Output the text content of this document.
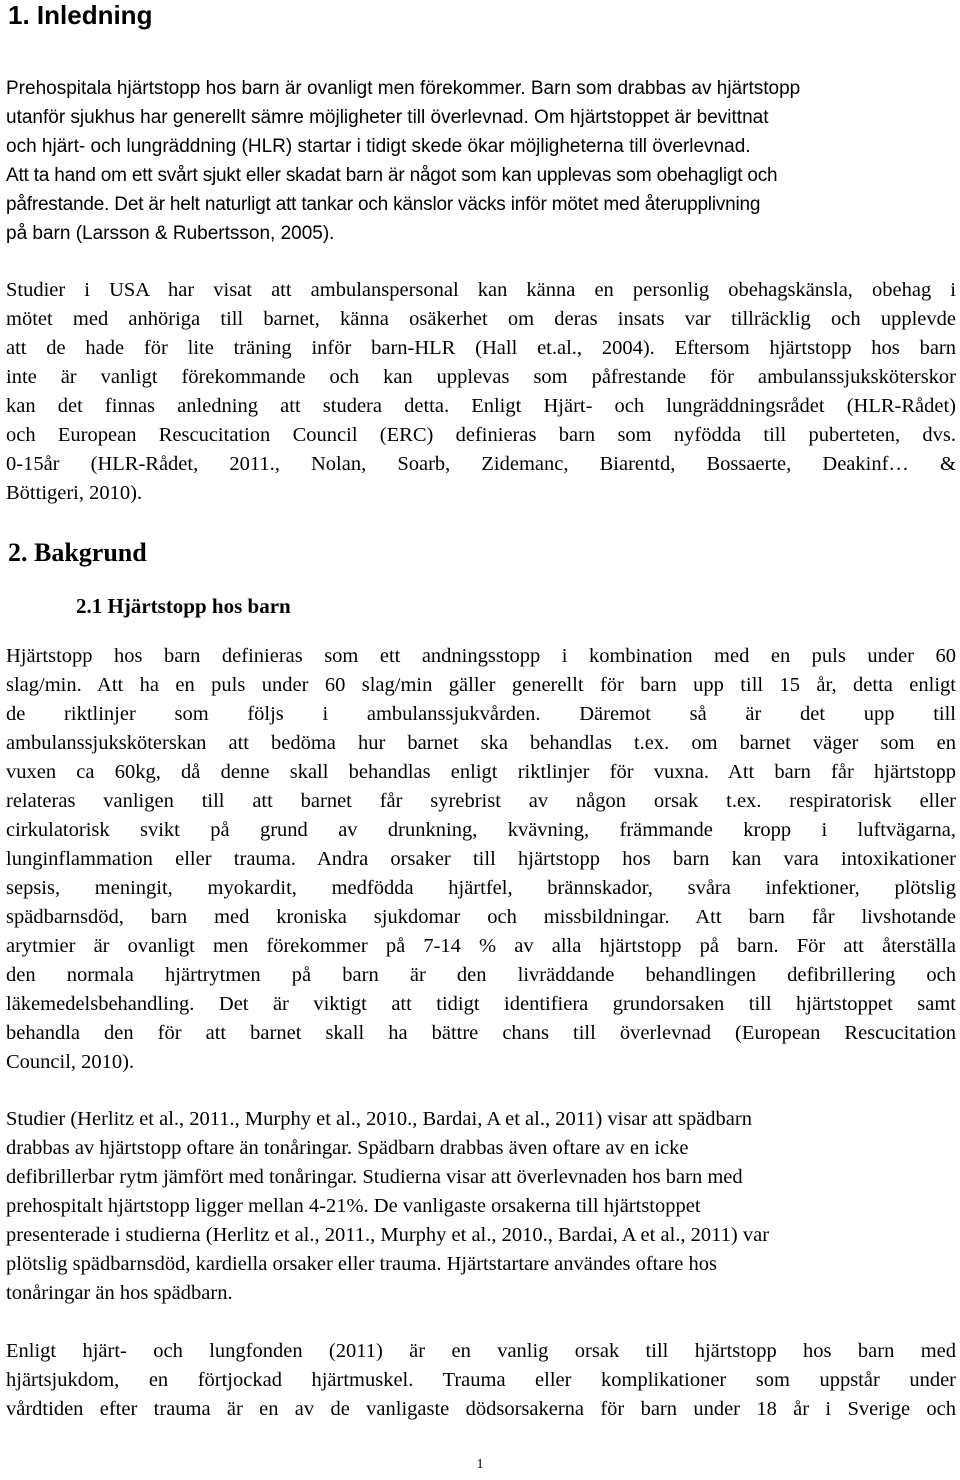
1. Inledning
Prehospitala hjärtstopp hos barn är ovanligt men förekommer. Barn som drabbas av hjärtstopp
utanför sjukhus har generellt sämre möjligheter till överlevnad. Om hjärtstoppet är bevittnat
och hjärt- och lungräddning (HLR) startar i tidigt skede ökar möjligheterna till överlevnad.
Att ta hand om ett svårt sjukt eller skadat barn är något som kan upplevas som obehagligt och
påfrestande. Det är helt naturligt att tankar och känslor väcks inför mötet med återupplivning
på barn (Larsson & Rubertsson, 2005).
Studier i USA har visat att ambulanspersonal kan känna en personlig obehagskänsla, obehag i
mötet med anhöriga till barnet, känna osäkerhet om deras insats var tillräcklig och upplevde
att de hade för lite träning inför barn-HLR (Hall et.al., 2004). Eftersom hjärtstopp hos barn
inte är vanligt förekommande och kan upplevas som påfrestande för ambulanssjuksköterskor
kan det finnas anledning att studera detta. Enligt Hjärt- och lungräddningsrådet (HLR-Rådet)
och European Rescucitation Council (ERC) definieras barn som nyfödda till puberteten, dvs.
0-15år (HLR-Rådet, 2011., Nolan, Soarb, Zidemanc, Biarentd, Bossaerte, Deakinf… &
Böttigeri, 2010).
2. Bakgrund
2.1 Hjärtstopp hos barn
Hjärtstopp hos barn definieras som ett andningsstopp i kombination med en puls under 60
slag/min. Att ha en puls under 60 slag/min gäller generellt för barn upp till 15 år, detta enligt
de riktlinjer som följs i ambulanssjukvården. Däremot så är det upp till
ambulanssjuksköterskan att bedöma hur barnet ska behandlas t.ex. om barnet väger som en
vuxen ca 60kg, då denne skall behandlas enligt riktlinjer för vuxna. Att barn får hjärtstopp
relateras vanligen till att barnet får syrebrist av någon orsak t.ex. respiratorisk eller
cirkulatorisk svikt på grund av drunkning, kvävning, främmande kropp i luftvägarna,
lunginflammation eller trauma. Andra orsaker till hjärtstopp hos barn kan vara intoxikationer
sepsis, meningit, myokardit, medfödda hjärtfel, brännskador, svåra infektioner, plötslig
spädbarnsdöd, barn med kroniska sjukdomar och missbildningar. Att barn får livshotande
arytmier är ovanligt men förekommer på 7-14 % av alla hjärtstopp på barn. För att återställa
den normala hjärtrytmen på barn är den livräddande behandlingen defibrillering och
läkemedelsbehandling. Det är viktigt att tidigt identifiera grundorsaken till hjärtstoppet samt
behandla den för att barnet skall ha bättre chans till överlevnad (European Rescucitation
Council, 2010).
Studier (Herlitz et al., 2011., Murphy et al., 2010., Bardai, A et al., 2011) visar att spädbarn
drabbas av hjärtstopp oftare än tonåringar. Spädbarn drabbas även oftare av en icke
defibrillerbar rytm jämfört med tonåringar. Studierna visar att överlevnaden hos barn med
prehospitalt hjärtstopp ligger mellan 4-21%. De vanligaste orsakerna till hjärtstoppet
presenterade i studierna (Herlitz et al., 2011., Murphy et al., 2010., Bardai, A et al., 2011) var
plötslig spädbarnsdöd, kardiella orsaker eller trauma. Hjärtstartare användes oftare hos
tonåringar än hos spädbarn.
Enligt hjärt- och lungfonden (2011) är en vanlig orsak till hjärtstopp hos barn med
hjärtsjukdom, en förtjockad hjärtmuskel. Trauma eller komplikationer som uppstår under
vårdtiden efter trauma är en av de vanligaste dödsorsakerna för barn under 18 år i Sverige och
1
